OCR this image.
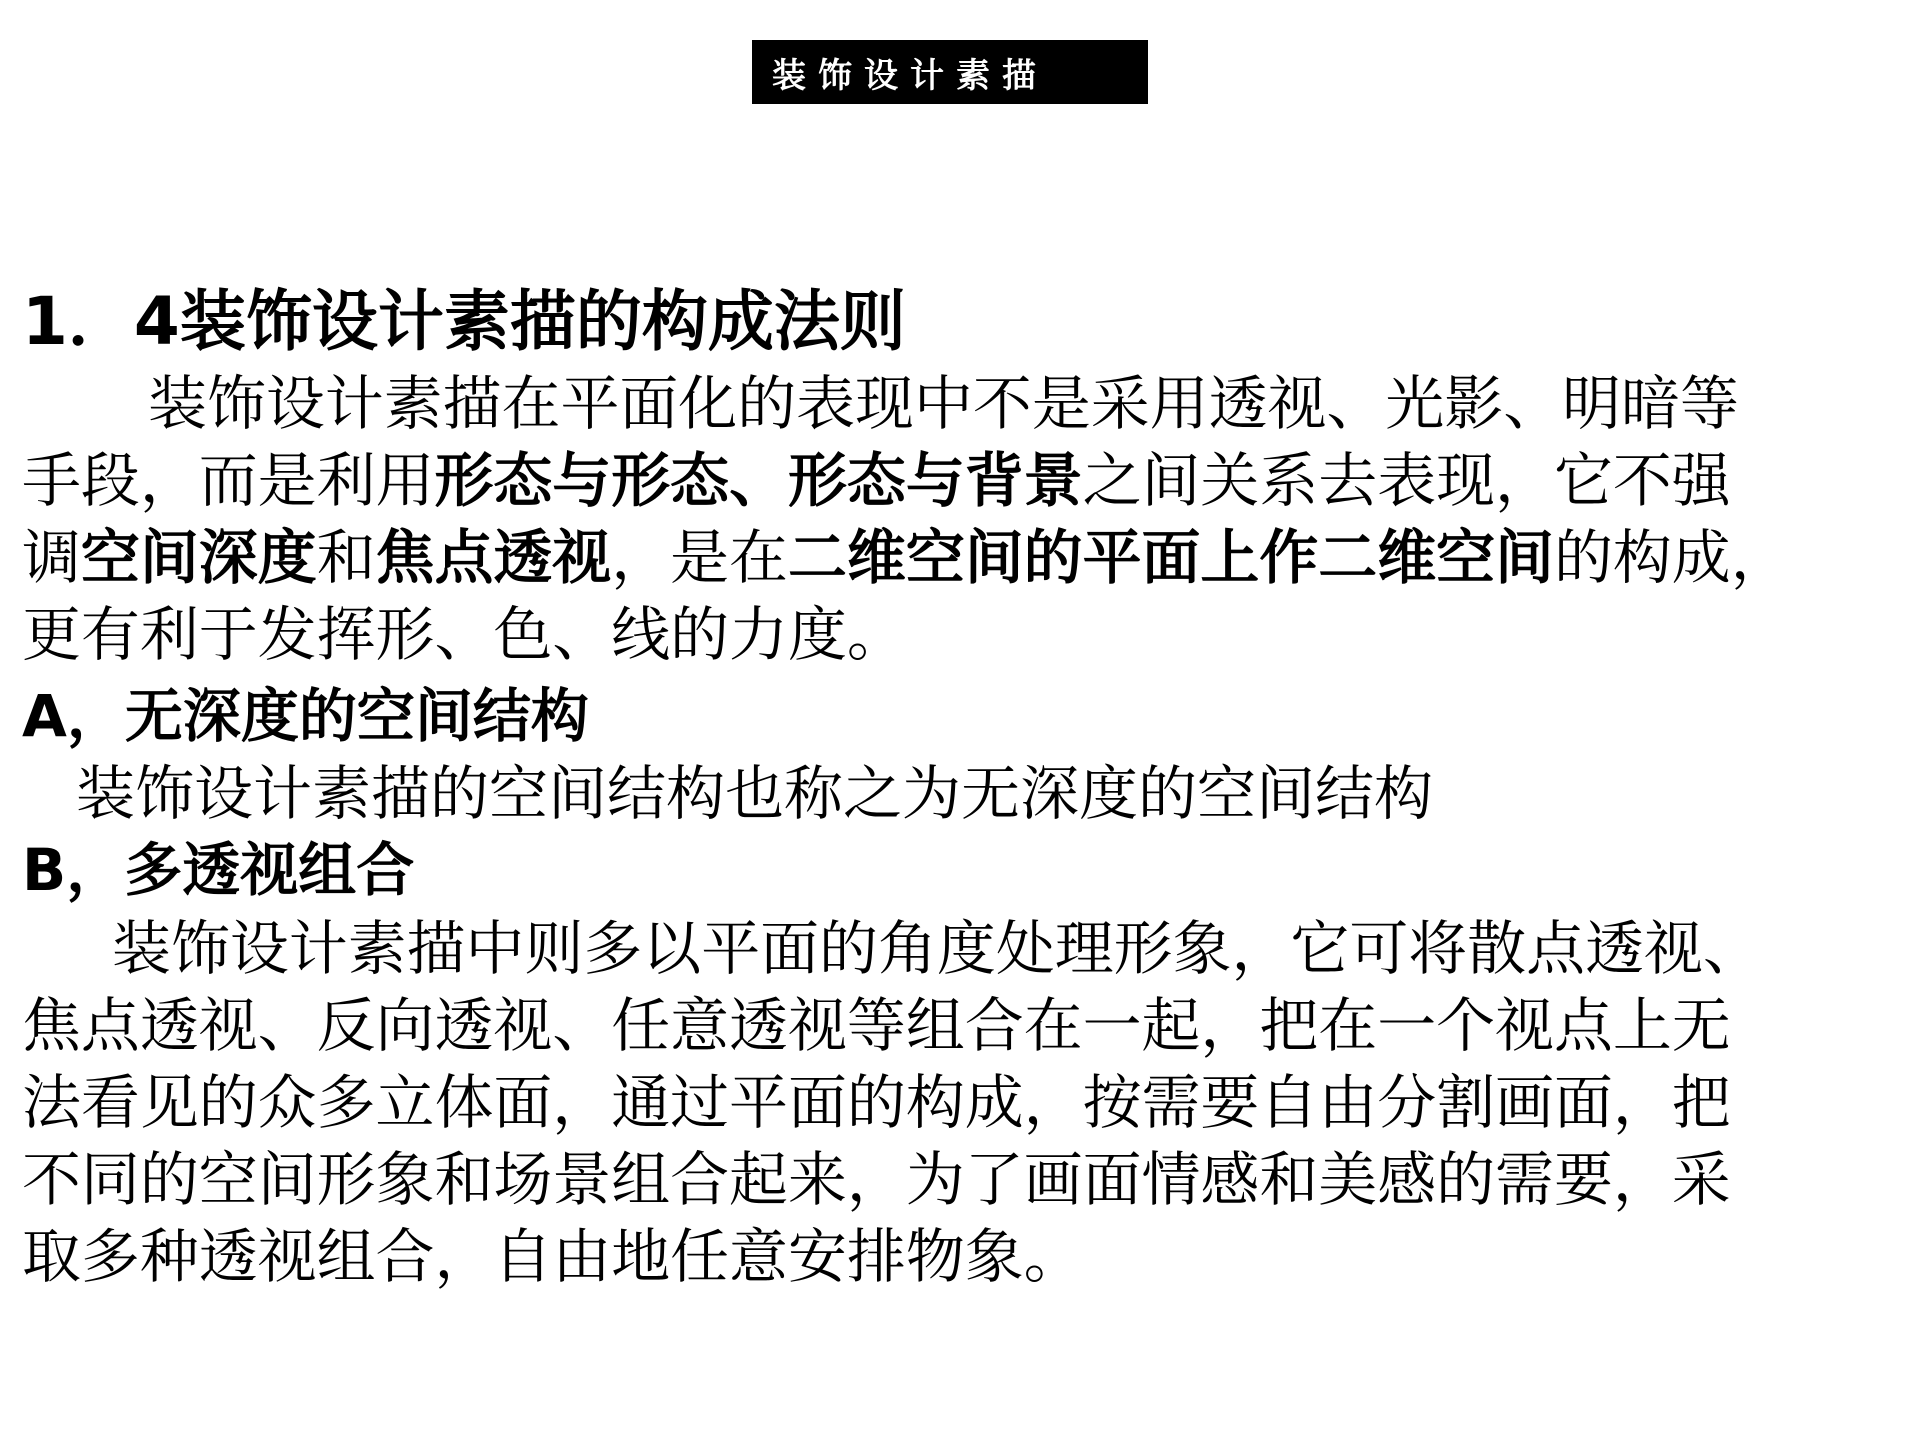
装饰设计素描
1．4装饰设计素描的构成法则
装饰设计素描在平面化的表现中不是采用透视、光影、明暗等
手段，而是利用形态与形态、形态与背景之间关系去表现，它不强
调空间深度和焦点透视，是在二维空间的平面上作二维空间的构成，
更有利于发挥形、色、线的力度。
A，无深度的空间结构
装饰设计素描的空间结构也称之为无深度的空间结构
B，多透视组合
装饰设计素描中则多以平面的角度处理形象，它可将散点透视、
焦点透视、反向透视、任意透视等组合在一起，把在一个视点上无
法看见的众多立体面，通过平面的构成，按需要自由分割画面，把
不同的空间形象和场景组合起来，为了画面情感和美感的需要，采
取多种透视组合，自由地任意安排物象。
